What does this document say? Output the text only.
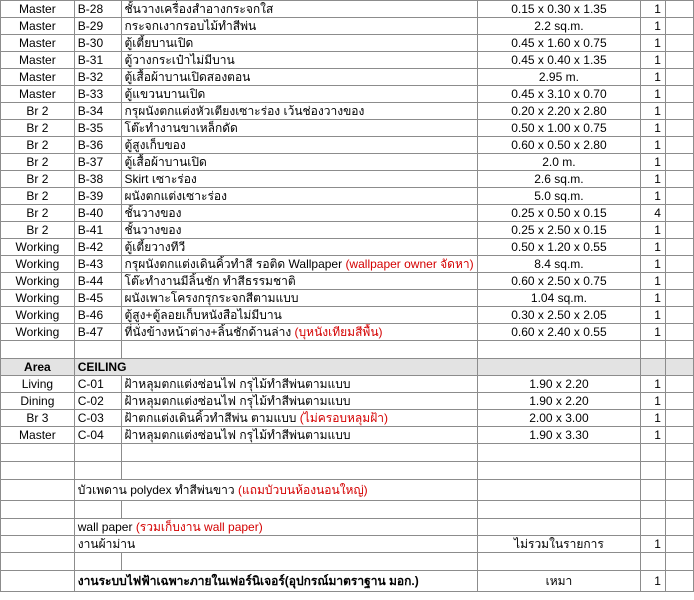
Master	B-28	ชั้นวางเครื่องสำอางกระจกใส	0.15 x 0.30 x 1.35	1	
Master	B-29	กระจกเงากรอบไม้ทำสีพ่น	2.2 sq.m.	1	
Master	B-30	ตู้เตี้ยบานเปิด	0.45 x 1.60 x 0.75	1	
Master	B-31	ตู้วางกระเป๋าไม่มีบาน	0.45 x 0.40 x 1.35	1	
Master	B-32	ตู้เสื้อผ้าบานเปิดสองตอน	2.95 m.	1	
Master	B-33	ตู้แขวนบานเปิด	0.45 x 3.10 x 0.70	1	
Br 2	B-34	กรุผนังตกแต่งหัวเตียงเซาะร่อง เว้นช่องวางของ	0.20 x 2.20 x 2.80	1	
Br 2	B-35	โต๊ะทำงานขาเหล็กดัด	0.50 x 1.00 x 0.75	1	
Br 2	B-36	ตู้สูงเก็บของ	0.60 x 0.50 x 2.80	1	
Br 2	B-37	ตู้เสื้อผ้าบานเปิด	2.0 m.	1	
Br 2	B-38	Skirt เซาะร่อง	2.6 sq.m.	1	
Br 2	B-39	ผนังตกแต่งเซาะร่อง	5.0 sq.m.	1	
Br 2	B-40	ชั้นวางของ	0.25 x 0.50 x 0.15	4	
Br 2	B-41	ชั้นวางของ	0.25 x 2.50 x 0.15	1	
Working	B-42	ตู้เตี้ยวางทีวี	0.50 x 1.20 x 0.55	1	
Working	B-43	กรุผนังตกแต่งเดินคิ้วทำสี รอติด Wallpaper (wallpaper owner จัดหา)	8.4 sq.m.	1	
Working	B-44	โต๊ะทำงานมีลิ้นชัก ทำสีธรรมชาติ	0.60 x 2.50 x 0.75	1	
Working	B-45	ผนังเพาะโครงกรุกระจกสีตามแบบ	1.04 sq.m.	1	
Working	B-46	ตู้สูง+ตู้ลอยเก็บหนังสือไม่มีบาน	0.30 x 2.50 x 2.05	1	
Working	B-47	ที่นั่งข้างหน้าต่าง+ลิ้นชักด้านล่าง (บุหนังเทียมสีพื้น)	0.60 x 2.40 x 0.55	1	

Area	CEILING				
Living	C-01	ฝ้าหลุมตกแต่งซ่อนไฟ กรุไม้ทำสีพ่นตามแบบ	1.90 x 2.20	1	
Dining	C-02	ฝ้าหลุมตกแต่งซ่อนไฟ กรุไม้ทำสีพ่นตามแบบ	1.90 x 2.20	1	
Br 3	C-03	ฝ้าตกแต่งเดินคิ้วทำสีพ่น ตามแบบ (ไม่ครอบหลุมฝ้า)	2.00 x 3.00	1	
Master	C-04	ฝ้าหลุมตกแต่งซ่อนไฟ กรุไม้ทำสีพ่นตามแบบ	1.90 x 3.30	1	

	บัวเพดาน polydex ทำสีพ่นขาว (แถมบัวบนห้องนอนใหญ่)				

	wall paper (รวมเก็บงาน wall paper)				
	งานผ้าม่าน		ไม่รวมในรายการ	1	

	งานระบบไฟฟ้าเฉพาะภายในเฟอร์นิเจอร์(อุปกรณ์มาตราฐาน มอก.)		เหมา	1	
